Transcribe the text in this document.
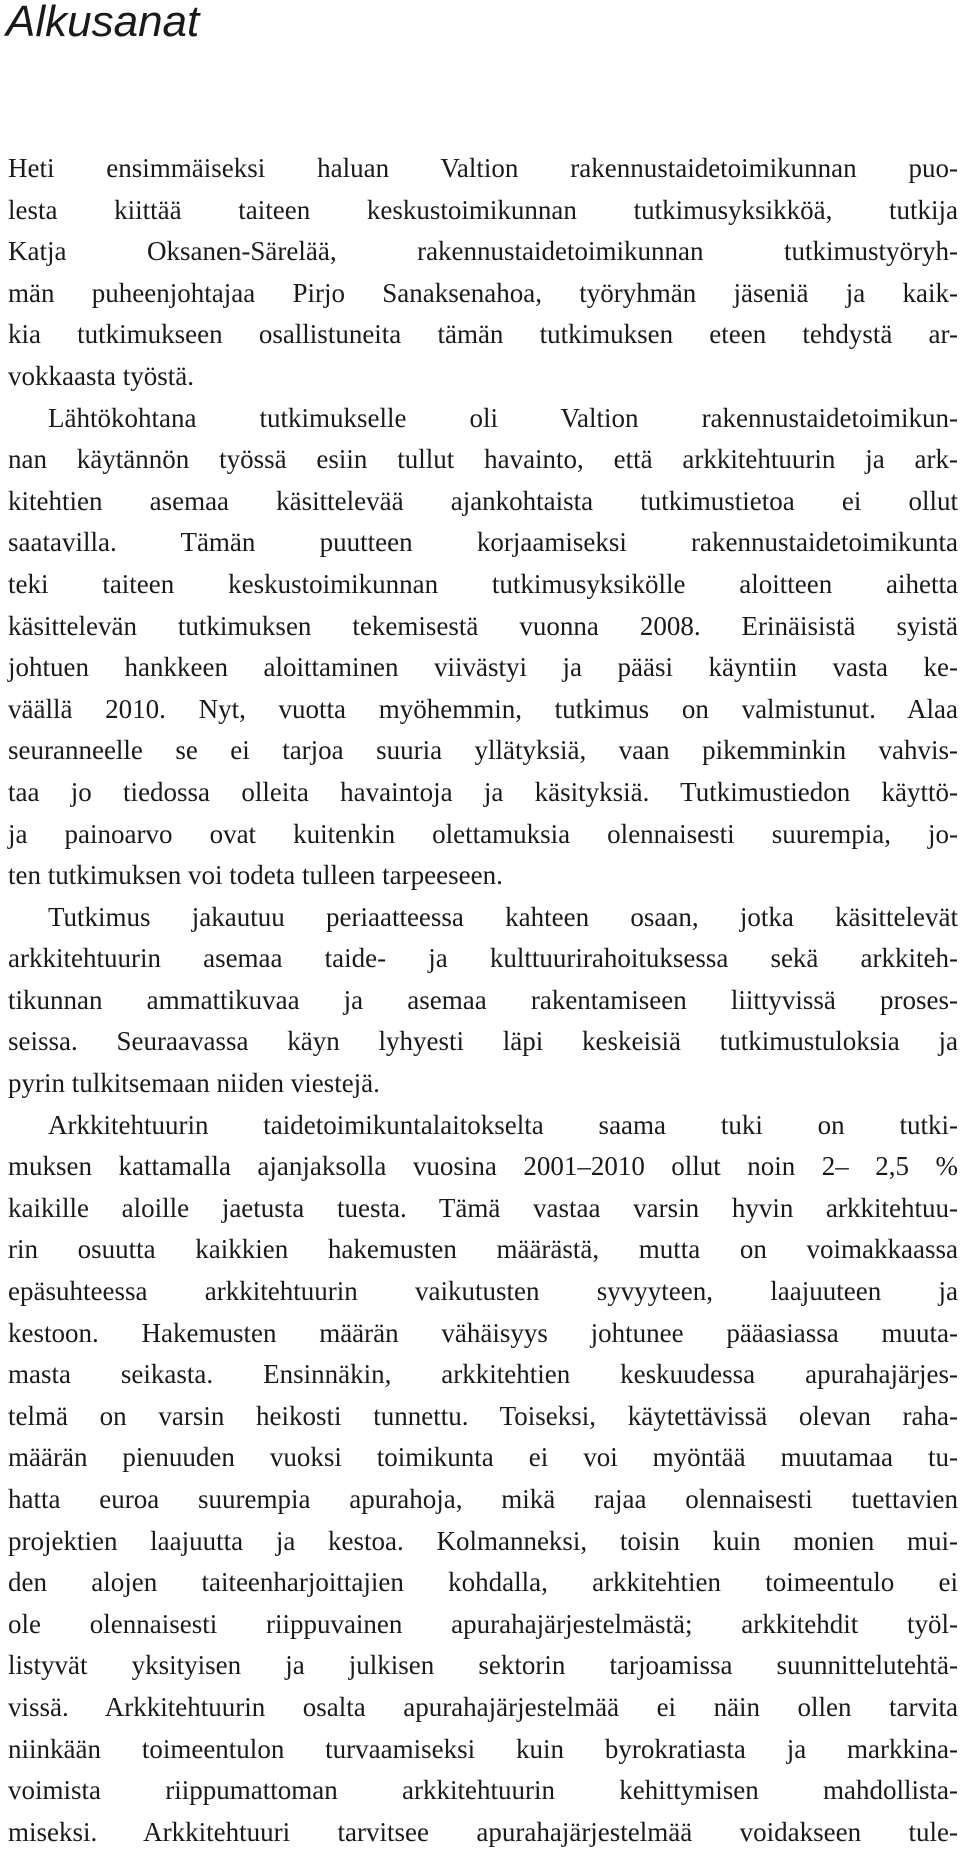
Alkusanat
Heti ensimmäiseksi haluan Valtion rakennustaidetoimikunnan puo-
lesta kiittää taiteen keskustoimikunnan tutkimusyksikköä, tutkija
Katja Oksanen-Särelää, rakennustaidetoimikunnan tutkimustyöryh-
män puheenjohtajaa Pirjo Sanaksenahoa, työryhmän jäseniä ja kaik-
kia tutkimukseen osallistuneita tämän tutkimuksen eteen tehdystä ar-
vokkaasta työstä.
Lähtökohtana tutkimukselle oli Valtion rakennustaidetoimikun-
nan käytännön työssä esiin tullut havainto, että arkkitehtuurin ja ark-
kitehtien asemaa käsittelevää ajankohtaista tutkimustietoa ei ollut
saatavilla. Tämän puutteen korjaamiseksi rakennustaidetoimikunta
teki taiteen keskustoimikunnan tutkimusyksikölle aloitteen aihetta
käsittelevän tutkimuksen tekemisestä vuonna 2008. Erinäisistä syistä
johtuen hankkeen aloittaminen viivästyi ja pääsi käyntiin vasta ke-
väällä 2010. Nyt, vuotta myöhemmin, tutkimus on valmistunut. Alaa
seuranneelle se ei tarjoa suuria yllätyksiä, vaan pikemminkin vahvis-
taa jo tiedossa olleita havaintoja ja käsityksiä. Tutkimustiedon käyttö-
ja painoarvo ovat kuitenkin olettamuksia olennaisesti suurempia, jo-
ten tutkimuksen voi todeta tulleen tarpeeseen.
Tutkimus jakautuu periaatteessa kahteen osaan, jotka käsittelevät
arkkitehtuurin asemaa taide- ja kulttuurirahoituksessa sekä arkkiteh-
tikunnan ammattikuvaa ja asemaa rakentamiseen liittyvissä proses-
seissa. Seuraavassa käyn lyhyesti läpi keskeisiä tutkimustuloksia ja
pyrin tulkitsemaan niiden viestejä.
Arkkitehtuurin taidetoimikuntalaitokselta saama tuki on tutki-
muksen kattamalla ajanjaksolla vuosina 2001–2010 ollut noin 2– 2,5 %
kaikille aloille jaetusta tuesta. Tämä vastaa varsin hyvin arkkitehtuu-
rin osuutta kaikkien hakemusten määrästä, mutta on voimakkaassa
epäsuhteessa arkkitehtuurin vaikutusten syvyyteen, laajuuteen ja
kestoon. Hakemusten määrän vähäisyys johtunee pääasiassa muuta-
masta seikasta. Ensinnäkin, arkkitehtien keskuudessa apurahajärjes-
telmä on varsin heikosti tunnettu. Toiseksi, käytettävissä olevan raha-
määrän pienuuden vuoksi toimikunta ei voi myöntää muutamaa tu-
hatta euroa suurempia apurahoja, mikä rajaa olennaisesti tuettavien
projektien laajuutta ja kestoa. Kolmanneksi, toisin kuin monien mui-
den alojen taiteenharjoittajien kohdalla, arkkitehtien toimeentulo ei
ole olennaisesti riippuvainen apurahajärjestelmästä; arkkitehdit työl-
listyvät yksityisen ja julkisen sektorin tarjoamissa suunnittelutehtä-
vissä. Arkkitehtuurin osalta apurahajärjestelmää ei näin ollen tarvita
niinkään toimeentulon turvaamiseksi kuin byrokratiasta ja markkina-
voimista riippumattoman arkkitehtuurin kehittymisen mahdollista-
miseksi. Arkkitehtuuri tarvitsee apurahajärjestelmää voidakseen tule-
